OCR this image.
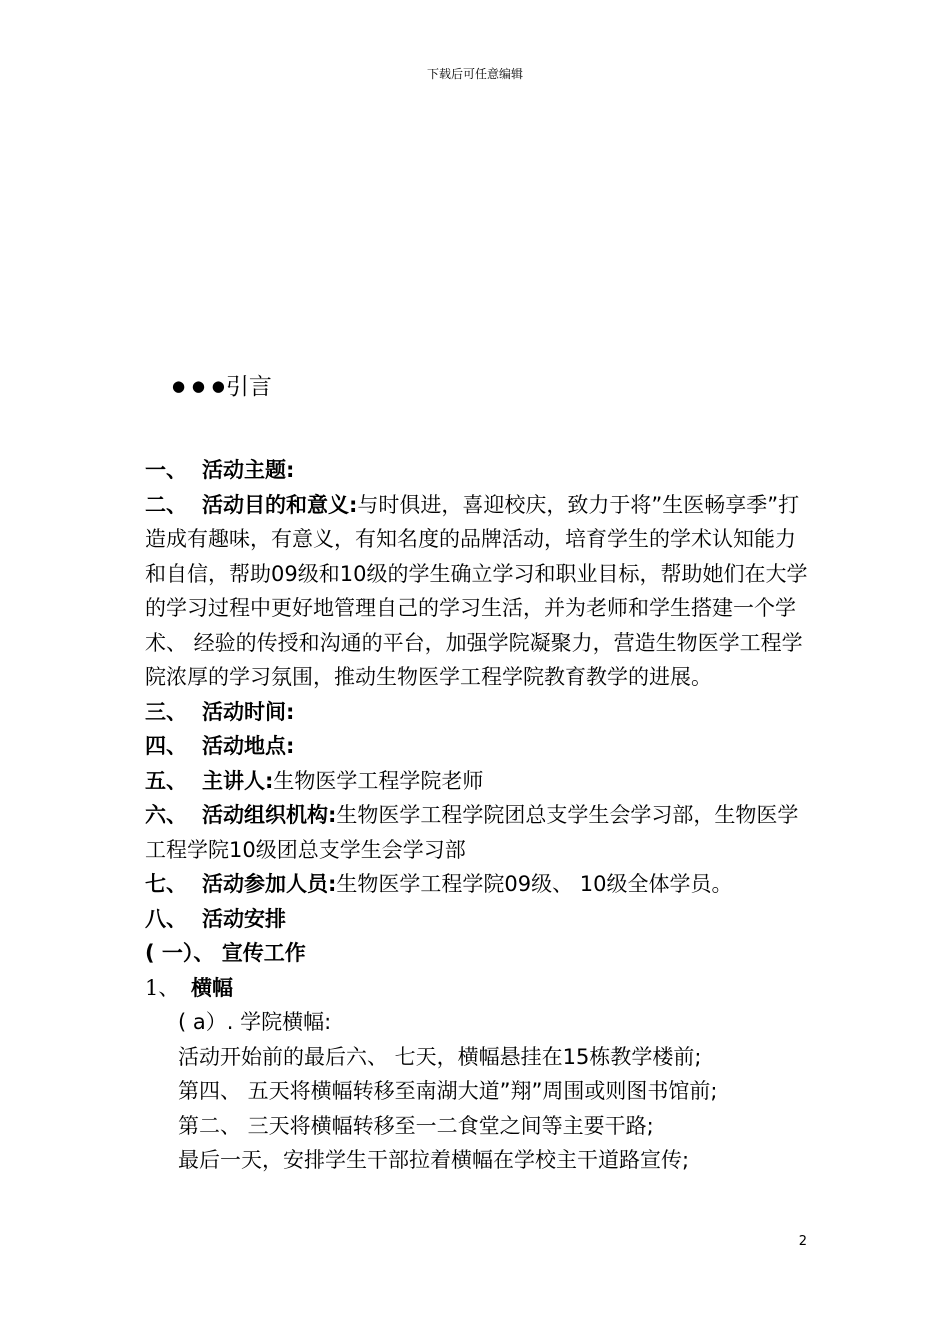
下载后可任意编辑
● ● ●引言

一、 活动主题:

二、 活动目的和意义:与时俱进，喜迎校庆，致力于将”生医畅享季”打造成有趣味，有意义，有知名度的品牌活动，培育学生的学术认知能力和自信，帮助09级和10级的学生确立学习和职业目标，帮助她们在大学的学习过程中更好地管理自己的学习生活，并为老师和学生搭建一个学术、 经验的传授和沟通的平台，加强学院凝聚力，营造生物医学工程学院浓厚的学习氛围，推动生物医学工程学院教育教学的进展。

三、 活动时间:

四、 活动地点:

五、 主讲人:生物医学工程学院老师

六、 活动组织机构:生物医学工程学院团总支学生会学习部，生物医学工程学院10级团总支学生会学习部

七、 活动参加人员:生物医学工程学院09级、 10级全体学员。

八、 活动安排

( 一）、 宣传工作

1、 横幅

( a）. 学院横幅:

活动开始前的最后六、 七天，横幅悬挂在15栋教学楼前;

第四、 五天将横幅转移至南湖大道”翔”周围或则图书馆前;

第二、 三天将横幅转移至一二食堂之间等主要干路;

最后一天，安排学生干部拉着横幅在学校主干道路宣传;

2
